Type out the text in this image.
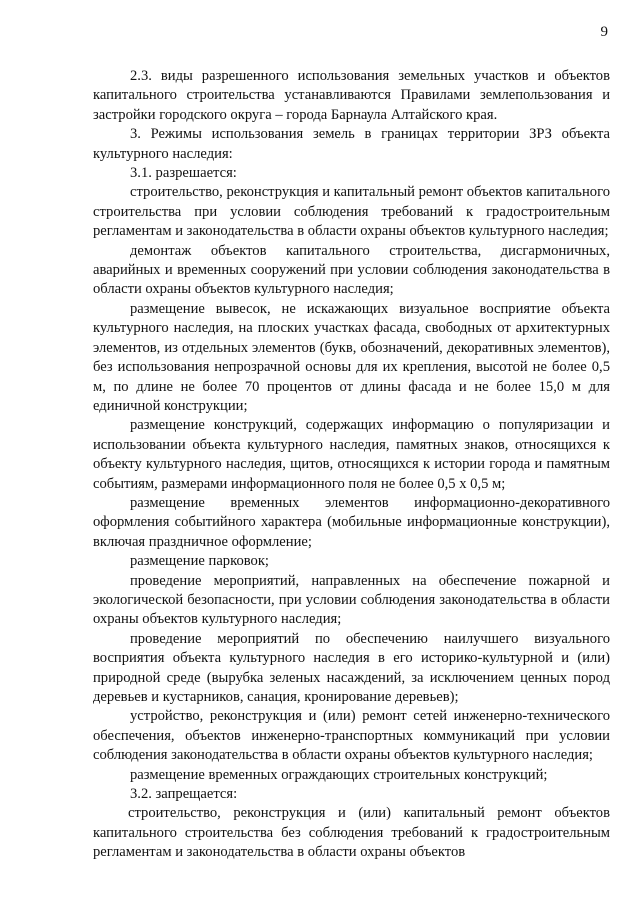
9

2.3. виды разрешенного использования земельных участков и объектов капитального строительства устанавливаются Правилами землепользования и застройки городского округа – города Барнаула Алтайского края.

3. Режимы использования земель в границах территории ЗРЗ объекта культурного наследия:

3.1. разрешается:

строительство, реконструкция и капитальный ремонт объектов капитального строительства при условии соблюдения требований к градостроительным регламентам и законодательства в области охраны объектов культурного наследия;

демонтаж объектов капитального строительства, дисгармоничных, аварийных и временных сооружений при условии соблюдения законодательства в области охраны объектов культурного наследия;

размещение вывесок, не искажающих визуальное восприятие объекта культурного наследия, на плоских участках фасада, свободных от архитектурных элементов, из отдельных элементов (букв, обозначений, декоративных элементов), без использования непрозрачной основы для их крепления, высотой не более 0,5 м, по длине не более 70 процентов от длины фасада и не более 15,0 м для единичной конструкции;

размещение конструкций, содержащих информацию о популяризации и использовании объекта культурного наследия, памятных знаков, относящихся к объекту культурного наследия, щитов, относящихся к истории города и памятным событиям, размерами информационного поля не более 0,5 х 0,5 м;

размещение временных элементов информационно-декоративного оформления событийного характера (мобильные информационные конструкции), включая праздничное оформление;

размещение парковок;

проведение мероприятий, направленных на обеспечение пожарной и экологической безопасности, при условии соблюдения законодательства в области охраны объектов культурного наследия;

проведение мероприятий по обеспечению наилучшего визуального восприятия объекта культурного наследия в его историко-культурной и (или) природной среде (вырубка зеленых насаждений, за исключением ценных пород деревьев и кустарников, санация, кронирование деревьев);

устройство, реконструкция и (или) ремонт сетей инженерно-технического обеспечения, объектов инженерно-транспортных коммуникаций при условии соблюдения законодательства в области охраны объектов культурного наследия;

размещение временных ограждающих строительных конструкций;

3.2. запрещается:

строительство, реконструкция и (или) капитальный ремонт объектов капитального строительства без соблюдения требований к градостроительным регламентам и законодательства в области охраны объектов
